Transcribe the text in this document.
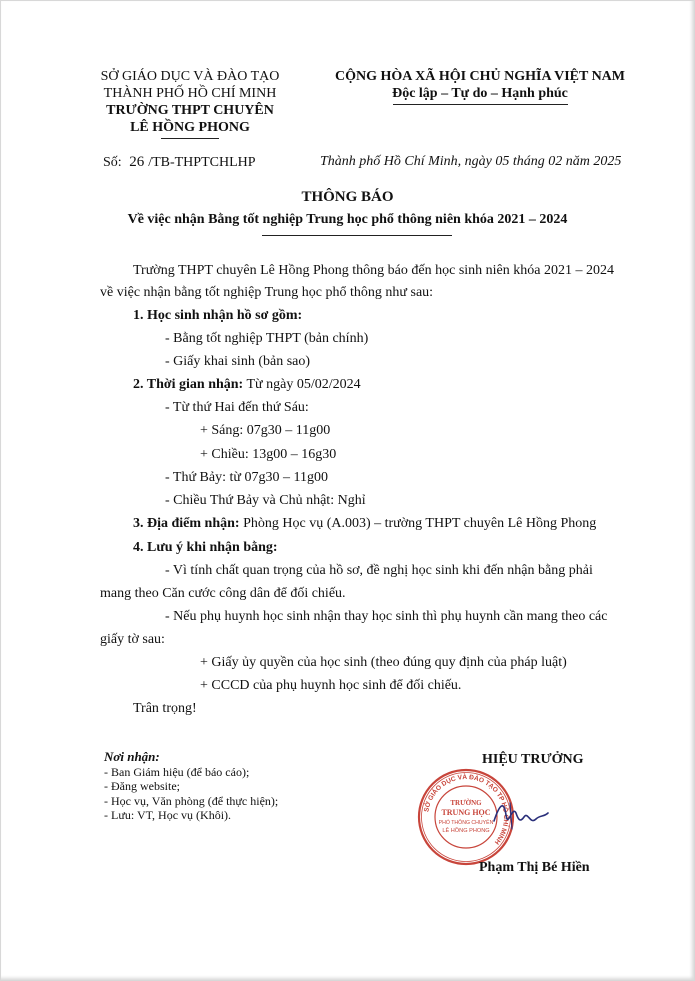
SỞ GIÁO DỤC VÀ ĐÀO TẠO
THÀNH PHỐ HỒ CHÍ MINH
TRƯỜNG THPT CHUYÊN
LÊ HỒNG PHONG
CỘNG HÒA XÃ HỘI CHỦ NGHĨA VIỆT NAM
Độc lập – Tự do – Hạnh phúc
Số: 26 /TB-THPTCHLHP	Thành phố Hồ Chí Minh, ngày 05 tháng 02 năm 2025
THÔNG BÁO
Về việc nhận Bằng tốt nghiệp Trung học phổ thông niên khóa 2021 – 2024
Trường THPT chuyên Lê Hồng Phong thông báo đến học sinh niên khóa 2021 – 2024
về việc nhận bằng tốt nghiệp Trung học phổ thông như sau:
1. Học sinh nhận hồ sơ gồm:
- Bằng tốt nghiệp THPT (bản chính)
- Giấy khai sinh (bản sao)
2. Thời gian nhận: Từ ngày 05/02/2024
- Từ thứ Hai đến thứ Sáu:
+ Sáng: 07g30 – 11g00
+ Chiều: 13g00 – 16g30
- Thứ Bảy: từ 07g30 – 11g00
- Chiều Thứ Bảy và Chủ nhật: Nghỉ
3. Địa điểm nhận: Phòng Học vụ (A.003) – trường THPT chuyên Lê Hồng Phong
4. Lưu ý khi nhận bằng:
- Vì tính chất quan trọng của hồ sơ, đề nghị học sinh khi đến nhận bằng phải
mang theo Căn cước công dân để đối chiếu.
- Nếu phụ huynh học sinh nhận thay học sinh thì phụ huynh cần mang theo các
giấy tờ sau:
+ Giấy ủy quyền của học sinh (theo đúng quy định của pháp luật)
+ CCCD của phụ huynh học sinh để đối chiếu.
Trân trọng!
Nơi nhận:
- Ban Giám hiệu (để báo cáo);
- Đăng website;
- Học vụ, Văn phòng (để thực hiện);
- Lưu: VT, Học vụ (Khôi).
HIỆU TRƯỞNG
SỞ GIÁO DỤC VÀ ĐÀO TẠO TP HỒ CHÍ MINH
TRƯỜNG
TRUNG HỌC
PHỔ THÔNG CHUYÊN
LÊ HỒNG PHONG
Phạm Thị Bé Hiền
